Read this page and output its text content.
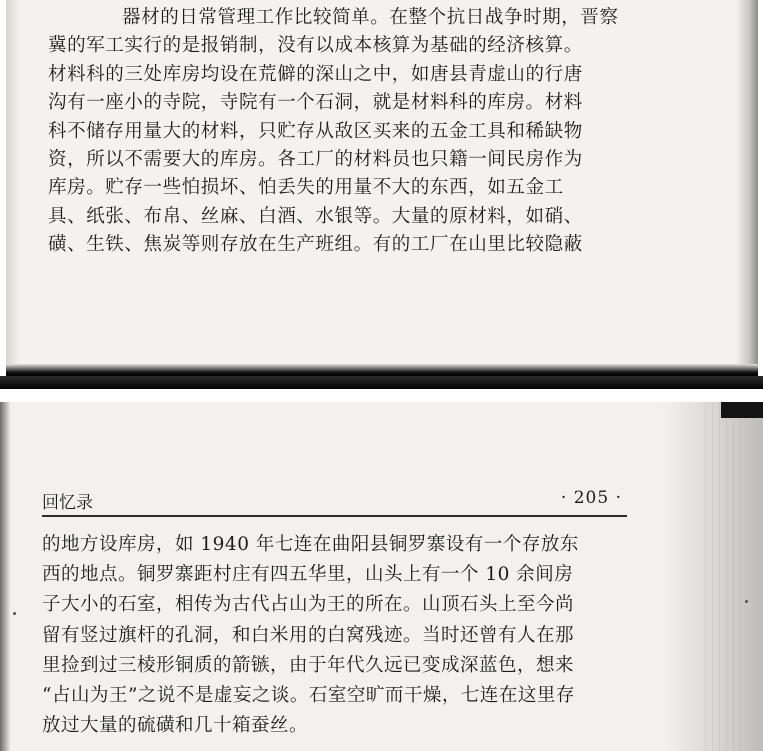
器材的日常管理工作比较简单。在整个抗日战争时期，晋察
冀的军工实行的是报销制，没有以成本核算为基础的经济核算。
材料科的三处库房均设在荒僻的深山之中，如唐县青虚山的行唐
沟有一座小的寺院，寺院有一个石洞，就是材料科的库房。材料
科不储存用量大的材料，只贮存从敌区买来的五金工具和稀缺物
资，所以不需要大的库房。各工厂的材料员也只籍一间民房作为
库房。贮存一些怕损坏、怕丢失的用量不大的东西，如五金工
具、纸张、布帛、丝麻、白酒、水银等。大量的原材料，如硝、
磺、生铁、焦炭等则存放在生产班组。有的工厂在山里比较隐蔽
回忆录	· 205 ·
的地方设库房，如 1940 年七连在曲阳县铜罗寨设有一个存放东
西的地点。铜罗寨距村庄有四五华里，山头上有一个 10 余间房
子大小的石室，相传为古代占山为王的所在。山顶石头上至今尚
留有竖过旗杆的孔洞，和白米用的白窝残迹。当时还曾有人在那
里捡到过三棱形铜质的箭镞，由于年代久远已变成深蓝色，想来
“占山为王”之说不是虚妄之谈。石室空旷而干燥，七连在这里存
放过大量的硫磺和几十箱蚕丝。
